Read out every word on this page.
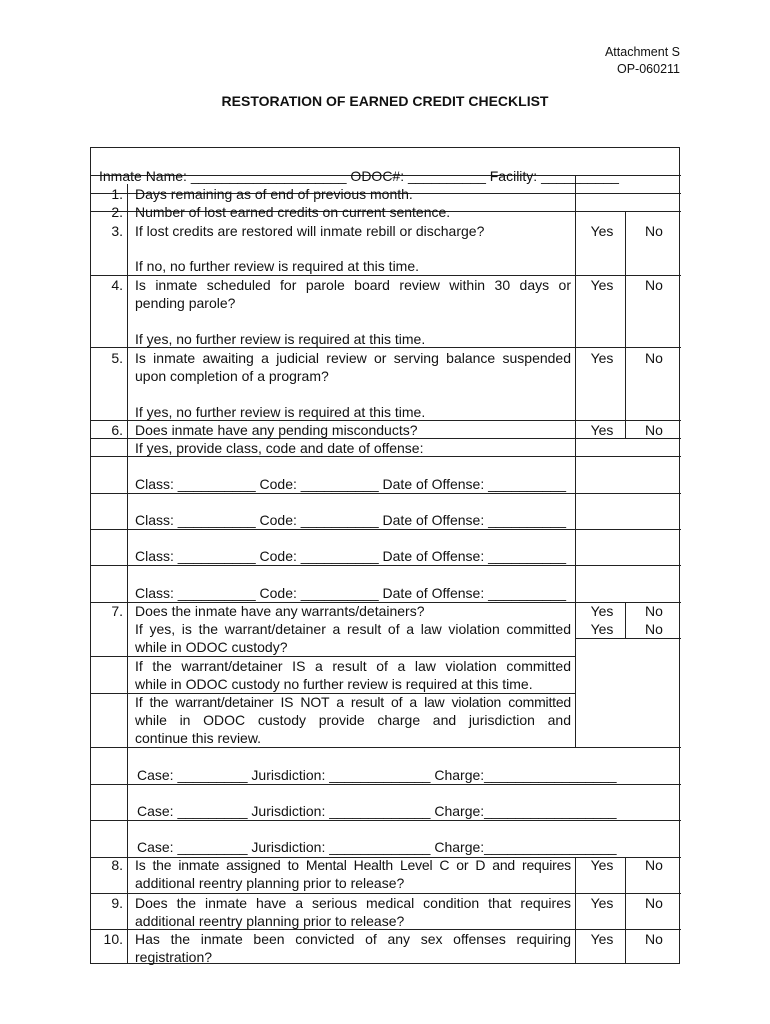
Attachment S
OP-060211
RESTORATION OF EARNED CREDIT CHECKLIST
Inmate Name: ____________________ ODOC#: __________ Facility: __________
1. Days remaining as of end of previous month.
2. Number of lost earned credits on current sentence.
3. If lost credits are restored will inmate rebill or discharge?	Yes	No
If no, no further review is required at this time.
4. Is inmate scheduled for parole board review within 30 days or
pending parole?
Yes	No
If yes, no further review is required at this time.
5. Is inmate awaiting a judicial review or serving balance suspended
upon completion of a program?
Yes	No
If yes, no further review is required at this time.
6. Does inmate have any pending misconducts?	Yes	No
If yes, provide class, code and date of offense:
Class: __________ Code: __________ Date of Offense: __________
Class: __________ Code: __________ Date of Offense: __________
Class: __________ Code: __________ Date of Offense: __________
Class: __________ Code: __________ Date of Offense: __________
7. Does the inmate have any warrants/detainers?	Yes	No
If yes, is the warrant/detainer a result of a law violation committed	Yes	No
while in ODOC custody?
If the warrant/detainer IS a result of a law violation committed
while in ODOC custody no further review is required at this time.
If the warrant/detainer IS NOT a result of a law violation committed
while in ODOC custody provide charge and jurisdiction and
continue this review.
Case: _________ Jurisdiction: _____________ Charge:_________________
Case: _________ Jurisdiction: _____________ Charge:_________________
Case: _________ Jurisdiction: _____________ Charge:_________________
8. Is the inmate assigned to Mental Health Level C or D and requires
additional reentry planning prior to release?
Yes	No
9. Does the inmate have a serious medical condition that requires
additional reentry planning prior to release?
Yes	No
10. Has the inmate been convicted of any sex offenses requiring
registration?
Yes	No
